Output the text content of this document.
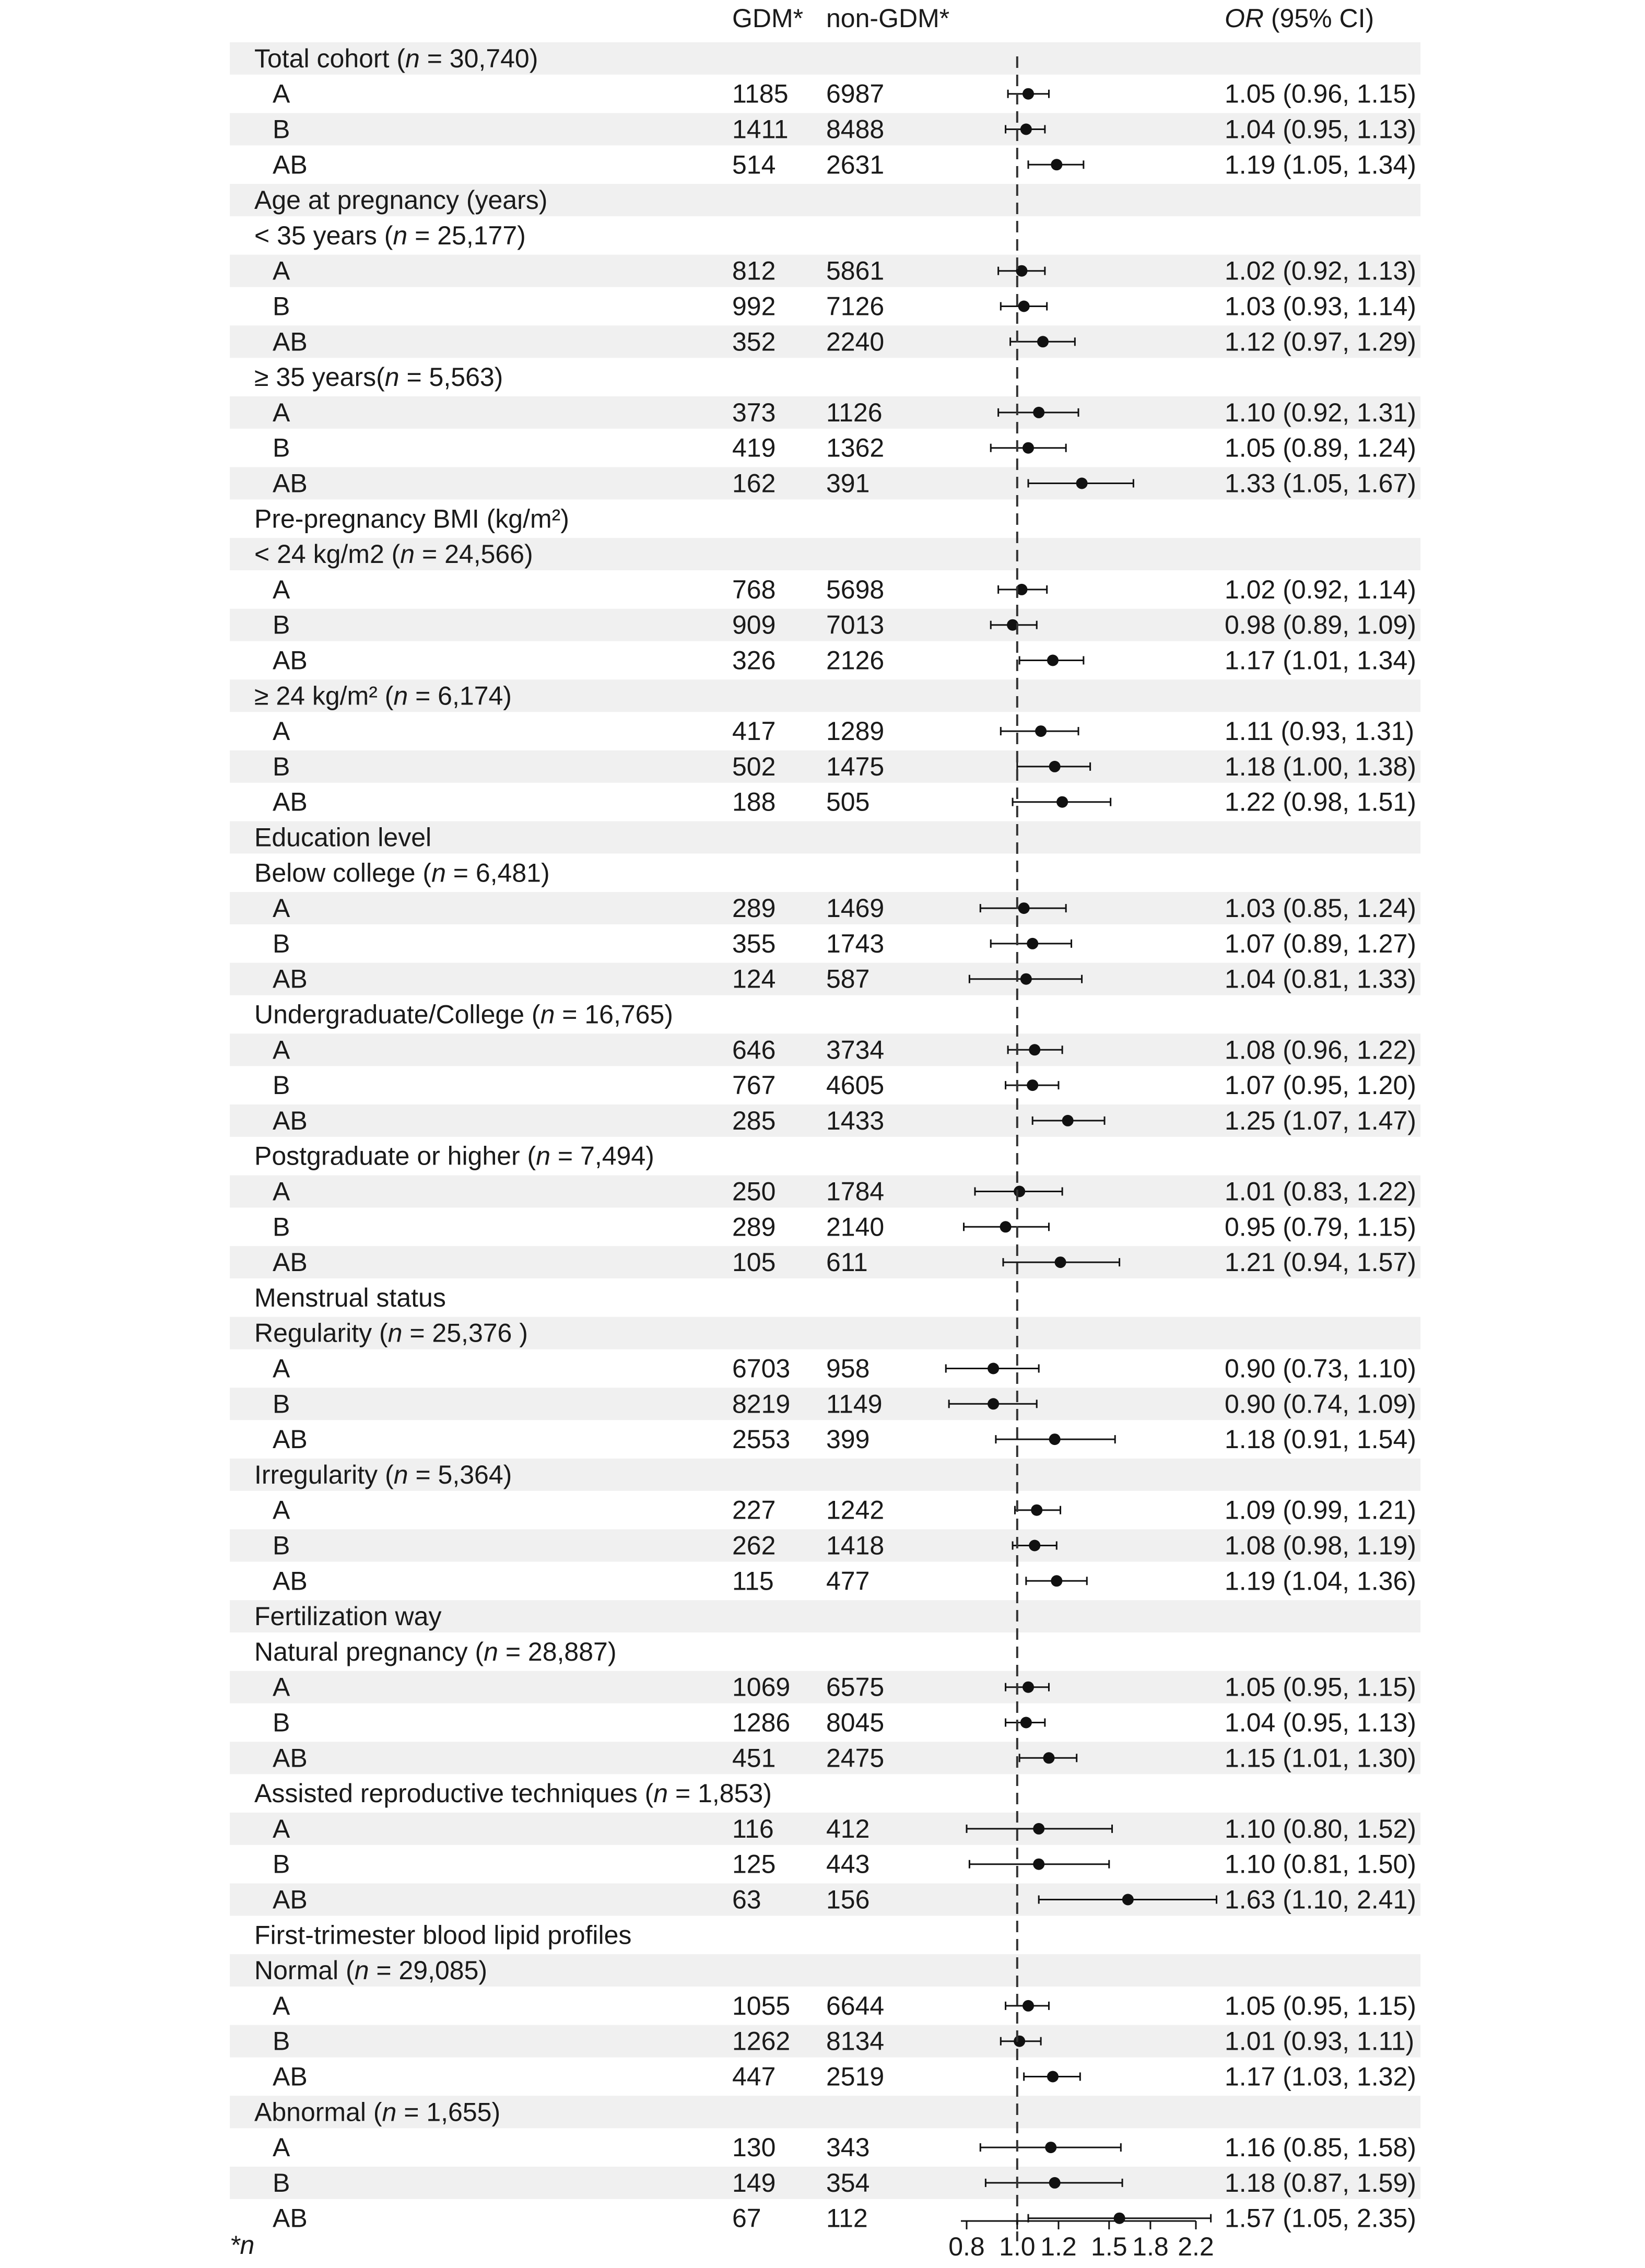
GDM* non-GDM*	OR (95% CI)
Total cohort (n = 30,740)
A	1185 6987	1.05 (0.96, 1.15)
B	1411 8488	1.04 (0.95, 1.13)
AB	514 2631	1.19 (1.05, 1.34)
Age at pregnancy (years)
< 35 years (n = 25,177)
A	812 5861	1.02 (0.92, 1.13)
B	992 7126	1.03 (0.93, 1.14)
AB	352 2240	1.12 (0.97, 1.29)
≥ 35 years(n = 5,563)
A	373 1126	1.10 (0.92, 1.31)
B	419 1362	1.05 (0.89, 1.24)
AB	162 391	1.33 (1.05, 1.67)
Pre-pregnancy BMI (kg/m²)
< 24 kg/m2 (n = 24,566)
A	768 5698	1.02 (0.92, 1.14)
B	909 7013	0.98 (0.89, 1.09)
AB	326 2126	1.17 (1.01, 1.34)
≥ 24 kg/m² (n = 6,174)
A	417 1289	1.11 (0.93, 1.31)
B	502 1475	1.18 (1.00, 1.38)
AB	188 505	1.22 (0.98, 1.51)
Education level
Below college (n = 6,481)
A	289 1469	1.03 (0.85, 1.24)
B	355 1743	1.07 (0.89, 1.27)
AB	124 587	1.04 (0.81, 1.33)
Undergraduate/College (n = 16,765)
A	646 3734	1.08 (0.96, 1.22)
B	767 4605	1.07 (0.95, 1.20)
AB	285 1433	1.25 (1.07, 1.47)
Postgraduate or higher (n = 7,494)
A	250 1784	1.01 (0.83, 1.22)
B	289 2140	0.95 (0.79, 1.15)
AB	105 611	1.21 (0.94, 1.57)
Menstrual status
Regularity (n = 25,376 )
A	6703 958	0.90 (0.73, 1.10)
B	8219 1149	0.90 (0.74, 1.09)
AB	2553 399	1.18 (0.91, 1.54)
Irregularity (n = 5,364)
A	227 1242	1.09 (0.99, 1.21)
B	262 1418	1.08 (0.98, 1.19)
AB	115 477	1.19 (1.04, 1.36)
Fertilization way
Natural pregnancy (n = 28,887)
A	1069 6575	1.05 (0.95, 1.15)
B	1286 8045	1.04 (0.95, 1.13)
AB	451 2475	1.15 (1.01, 1.30)
Assisted reproductive techniques (n = 1,853)
A	116 412	1.10 (0.80, 1.52)
B	125 443	1.10 (0.81, 1.50)
AB	63 156	1.63 (1.10, 2.41)
First-trimester blood lipid profiles
Normal (n = 29,085)
A	1055 6644	1.05 (0.95, 1.15)
B	1262 8134	1.01 (0.93, 1.11)
AB	447 2519	1.17 (1.03, 1.32)
Abnormal (n = 1,655)
A	130 343	1.16 (0.85, 1.58)
B	149 354	1.18 (0.87, 1.59)
AB	67 112	1.57 (1.05, 2.35)
0.8 1.0 1.2 1.5 1.8 2.2
*n
